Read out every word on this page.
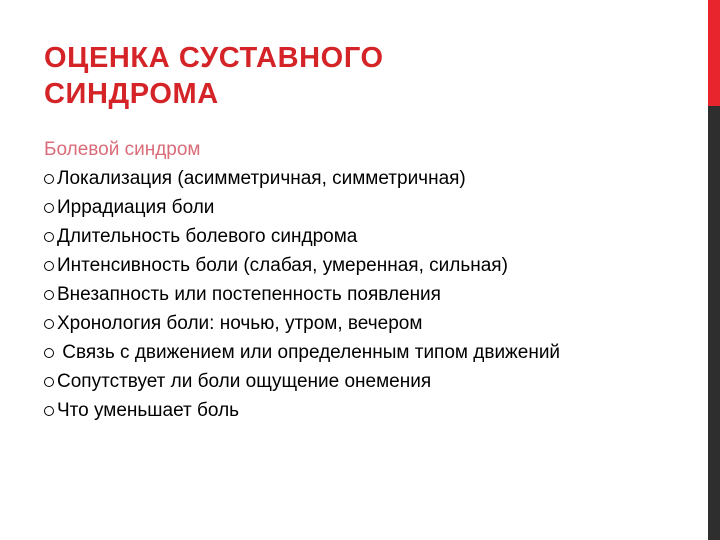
ОЦЕНКА СУСТАВНОГО
СИНДРОМА
Болевой синдром
Локализация (асимметричная, симметричная)
Иррадиация боли
Длительность болевого синдрома
Интенсивность боли (слабая, умеренная, сильная)
Внезапность или постепенность появления
Хронология боли: ночью, утром, вечером
Связь с движением или определенным типом движений
Сопутствует ли боли ощущение онемения
Что уменьшает боль
